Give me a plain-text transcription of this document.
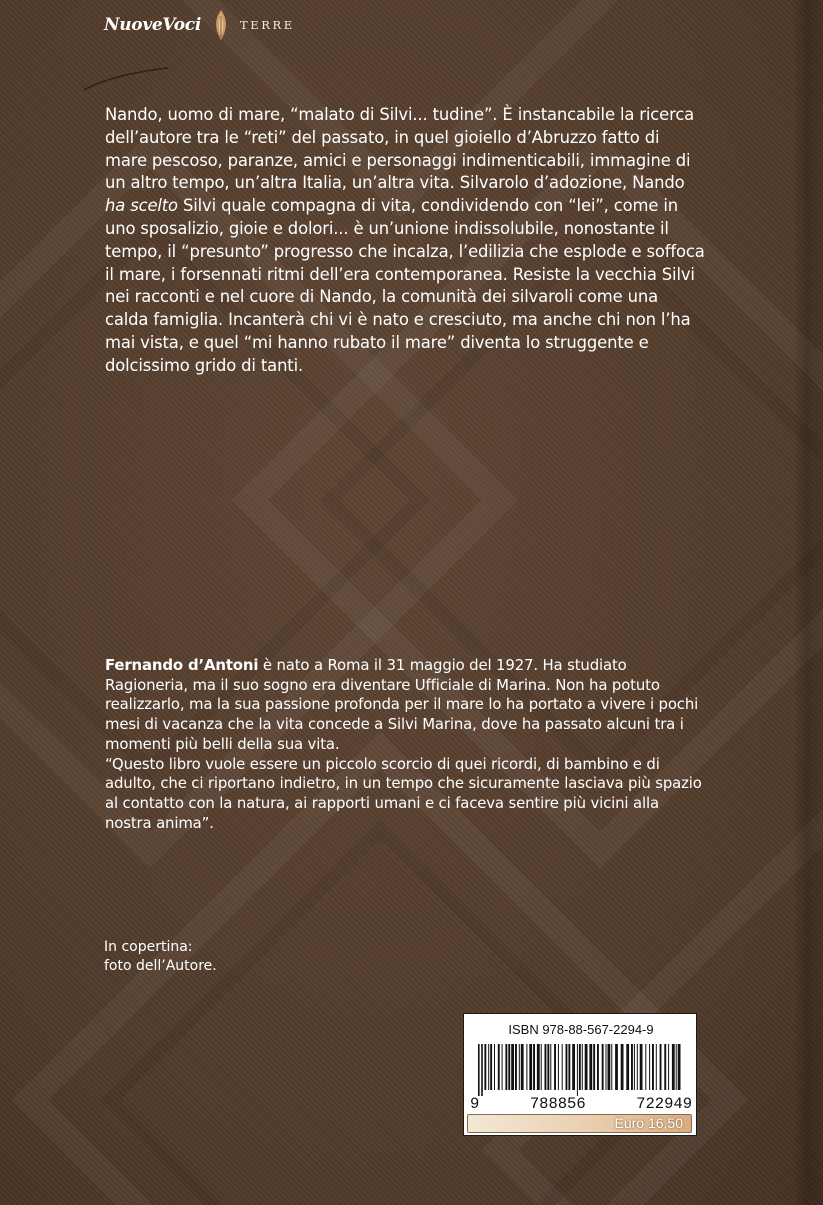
NuoveVoci	TERRE

Nando, uomo di mare, “malato di Silvi... tudine”. È instancabile la ricerca dell’autore tra le “reti” del passato, in quel gioiello d’Abruzzo fatto di mare pescoso, paranze, amici e personaggi indimenticabili, immagine di un altro tempo, un’altra Italia, un’altra vita. Silvarolo d’adozione, Nando ha scelto Silvi quale compagna di vita, condividendo con “lei”, come in uno sposalizio, gioie e dolori... è un’unione indissolubile, nonostante il tempo, il “presunto” progresso che incalza, l’edilizia che esplode e soffoca il mare, i forsennati ritmi dell’era contemporanea. Resiste la vecchia Silvi nei racconti e nel cuore di Nando, la comunità dei silvaroli come una calda famiglia. Incanterà chi vi è nato e cresciuto, ma anche chi non l’ha mai vista, e quel “mi hanno rubato il mare” diventa lo struggente e dolcissimo grido di tanti.

Fernando d’Antoni è nato a Roma il 31 maggio del 1927. Ha studiato Ragioneria, ma il suo sogno era diventare Ufficiale di Marina. Non ha potuto realizzarlo, ma la sua passione profonda per il mare lo ha portato a vivere i pochi mesi di vacanza che la vita concede a Silvi Marina, dove ha passato alcuni tra i momenti più belli della sua vita.

“Questo libro vuole essere un piccolo scorcio di quei ricordi, di bambino e di adulto, che ci riportano indietro, in un tempo che sicuramente lasciava più spazio al contatto con la natura, ai rapporti umani e ci faceva sentire più vicini alla nostra anima”.

In copertina:
foto dell’Autore.
ISBN 978-88-567-2294-9
9	788856	722949
Euro 16,50
